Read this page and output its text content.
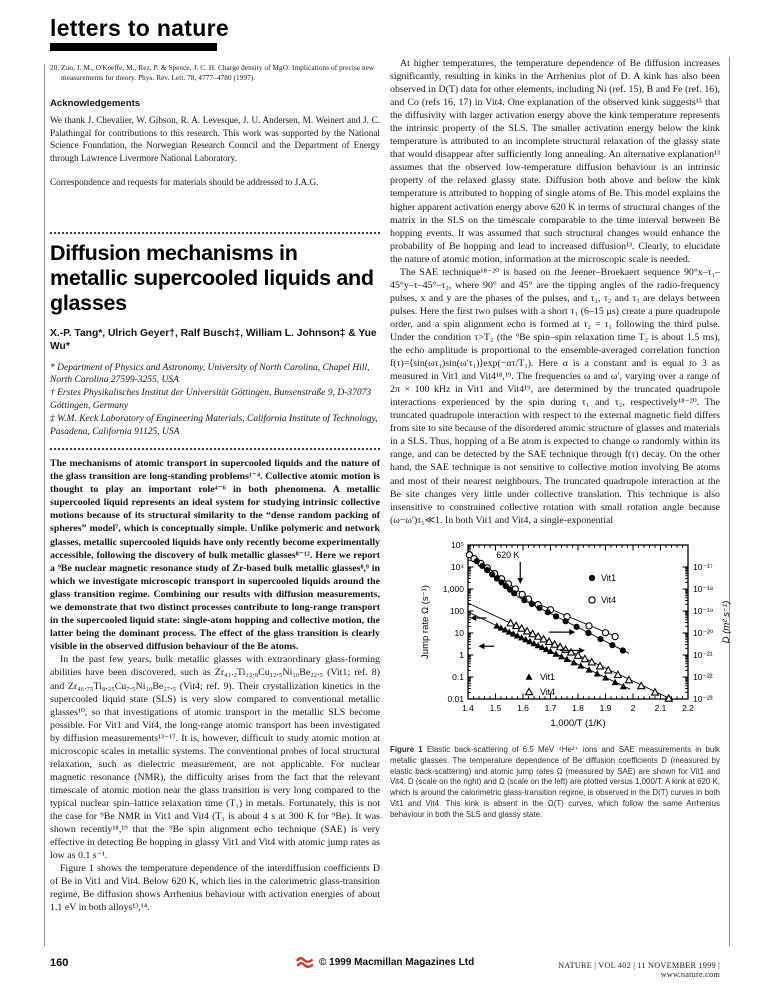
letters to nature

20. Zuo, J. M., O'Keeffe, M., Rez, P. & Spence, J. C. H. Charge density of MgO: Implications of precise new measurements for theory. Phys. Rev. Lett. 78, 4777–4780 (1997).

Acknowledgements

We thank J. Chevalier, W. Gibson, R. A. Levesque, J. U. Andersen, M. Weinert and J. C. Palathingal for contributions to this research. This work was supported by the National Science Foundation, the Norwegian Research Council and the Department of Energy through Lawrence Livermore National Laboratory.

Correspondence and requests for materials should be addressed to J.A.G.

Diffusion mechanisms in metallic supercooled liquids and glasses

X.-P. Tang*, Ulrich Geyer†, Ralf Busch‡, William L. Johnson‡ & Yue Wu*

* Department of Physics and Astronomy, University of North Carolina, Chapel Hill, North Carolina 27599-3255, USA

† Erstes Physikalisches Institut der Universität Göttingen, Bunsenstraße 9, D-37073 Göttingen, Germany

‡ W.M. Keck Laboratory of Engineering Materials, California Institute of Technology, Pasadena, California 91125, USA

The mechanisms of atomic transport in supercooled liquids and the nature of the glass transition are long-standing problems¹⁻⁴. Collective atomic motion is thought to play an important role⁴⁻⁶ in both phenomena. A metallic supercooled liquid represents an ideal system for studying intrinsic collective motions because of its structural similarity to the “dense random packing of spheres” model⁷, which is conceptually simple. Unlike polymeric and network glasses, metallic supercooled liquids have only recently become experimentally accessible, following the discovery of bulk metallic glasses⁸⁻¹². Here we report a ⁹Be nuclear magnetic resonance study of Zr-based bulk metallic glasses⁸,⁹ in which we investigate microscopic transport in supercooled liquids around the glass transition regime. Combining our results with diffusion measurements, we demonstrate that two distinct processes contribute to long-range transport in the supercooled liquid state: single-atom hopping and collective motion, the latter being the dominant process. The effect of the glass transition is clearly visible in the observed diffusion behaviour of the Be atoms.

In the past few years, bulk metallic glasses with extraordinary glass-forming abilities have been discovered, such as Zr₄₁.₂Ti₁₃.₈Cu₁₂.₅Ni₁₀Be₂₂.₅ (Vit1; ref. 8) and Zr₄₆.₇₅Ti₈.₂₅Cu₇.₅Ni₁₀Be₂₇.₅ (Vit4; ref. 9). Their crystallization kinetics in the supercooled liquid state (SLS) is very slow compared to conventional metallic glasses¹⁰, so that investigations of atomic transport in the metallic SLS become possible. For Vit1 and Vit4, the long-range atomic transport has been investigated by diffusion measurements¹³⁻¹⁷. It is, however, difficult to study atomic motion at microscopic scales in metallic systems. The conventional probes of local structural relaxation, such as dielectric measurement, are not applicable. For nuclear magnetic resonance (NMR), the difficulty arises from the fact that the relevant timescale of atomic motion near the glass transition is very long compared to the typical nuclear spin–lattice relaxation time (T₁) in metals. Fortunately, this is not the case for ⁹Be NMR in Vit1 and Vit4 (T₁ is about 4 s at 300 K for ⁹Be). It was shown recently¹⁸,¹⁹ that the ⁹Be spin alignment echo technique (SAE) is very effective in detecting Be hopping in glassy Vit1 and Vit4 with atomic jump rates as low as 0.1 s⁻¹.

Figure 1 shows the temperature dependence of the interdiffusion coefficients D of Be in Vit1 and Vit4. Below 620 K, which lies in the calorimetric glass-transition regime, Be diffusion shows Arrhenius behaviour with activation energies of about 1.1 eV in both alloys¹³,¹⁴.

At higher temperatures, the temperature dependence of Be diffusion increases significantly, resulting in kinks in the Arrhenius plot of D. A kink has also been observed in D(T) data for other elements, including Ni (ref. 15), B and Fe (ref. 16), and Co (refs 16, 17) in Vit4. One explanation of the observed kink suggests¹⁵ that the diffusivity with larger activation energy above the kink temperature represents the intrinsic property of the SLS. The smaller activation energy below the kink temperature is attributed to an incomplete structural relaxation of the glassy state that would disappear after sufficiently long annealing. An alternative explanation¹³ assumes that the observed low-temperature diffusion behaviour is an intrinsic property of the relaxed glassy state. Diffusion both above and below the kink temperature is attributed to hopping of single atoms of Be. This model explains the higher apparent activation energy above 620 K in terms of structural changes of the matrix in the SLS on the timescale comparable to the time interval between Be hopping events. It was assumed that such structural changes would enhance the probability of Be hopping and lead to increased diffusion¹³. Clearly, to elucidate the nature of atomic motion, information at the microscopic scale is needed.

The SAE technique¹⁸⁻²⁰ is based on the Jeener–Broekaert sequence 90°x–τ₁–45°y–τ–45°–τ₂, where 90° and 45° are the tipping angles of the radio-frequency pulses, x and y are the phases of the pulses, and τ₁, τ₂ and τ₃ are delays between pulses. Here the first two pulses with a short τ₁ (6–15 μs) create a pure quadrupole order, and a spin alignment echo is formed at τ₂ = τ₁ following the third pulse. Under the condition τ>T₂ (the ⁹Be spin–spin relaxation time T₂ is about 1.5 ms), the echo amplitude is proportional to the ensemble-averaged correlation function f(τ)=⟨sin(ωτ₁)sin(ω′τ₁)⟩exp(−ατ/T₁). Here α is a constant and is equal to 3 as measured in Vit1 and Vit4¹⁸,¹⁹. The frequencies ω and ω′, varying over a range of 2π × 100 kHz in Vit1 and Vit4¹⁹, are determined by the truncated quadrupole interactions experienced by the spin during τ₁ and τ₂, respectively¹⁸⁻²⁰. The truncated quadrupole interaction with respect to the external magnetic field differs from site to site because of the disordered atomic structure of glasses and materials in a SLS. Thus, hopping of a Be atom is expected to change ω randomly within its range, and can be detected by the SAE technique through f(τ) decay. On the other hand, the SAE technique is not sensitive to collective motion involving Be atoms and most of their nearest neighbours. The truncated quadrupole interaction at the Be site changes very little under collective translation. This technique is also insensitive to constrained collective rotation with small rotation angle because (ω−ω′)τ₁≪1. In both Vit1 and Vit4, a single-exponential

1.4 1.5 1.6 1.7 1.8 1.9 2 2.1 2.2
1,000/T (1/K)
10⁵
10⁴
1,000
100
10
1
0.1
0.01
Jump rate Ω (s⁻¹)
10⁻¹⁷
10⁻¹⁸
10⁻¹⁹
10⁻²⁰
10⁻²¹
10⁻²²
10⁻²³
D (m² s⁻¹)
620 K
Vit1
Vit4
Vit1
Vit4

Figure 1 Elastic back-scattering of 6.5 MeV ⁴He²⁺ ions and SAE measurements in bulk metallic glasses. The temperature dependence of Be diffusion coefficients D (measured by elastic back-scattering) and atomic jump rates Ω (measured by SAE) are shown for Vit1 and Vit4. D (scale on the right) and Ω (scale on the left) are plotted versus 1,000/T. A kink at 620 K, which is around the calorimetric glass-transition regime, is observed in the D(T) curves in both Vit1 and Vit4. This kink is absent in the Ω(T) curves, which follow the same Arrhenius behaviour in both the SLS and glassy state.

160	© 1999 Macmillan Magazines Ltd	NATURE | VOL 402 | 11 NOVEMBER 1999 | www.nature.com
